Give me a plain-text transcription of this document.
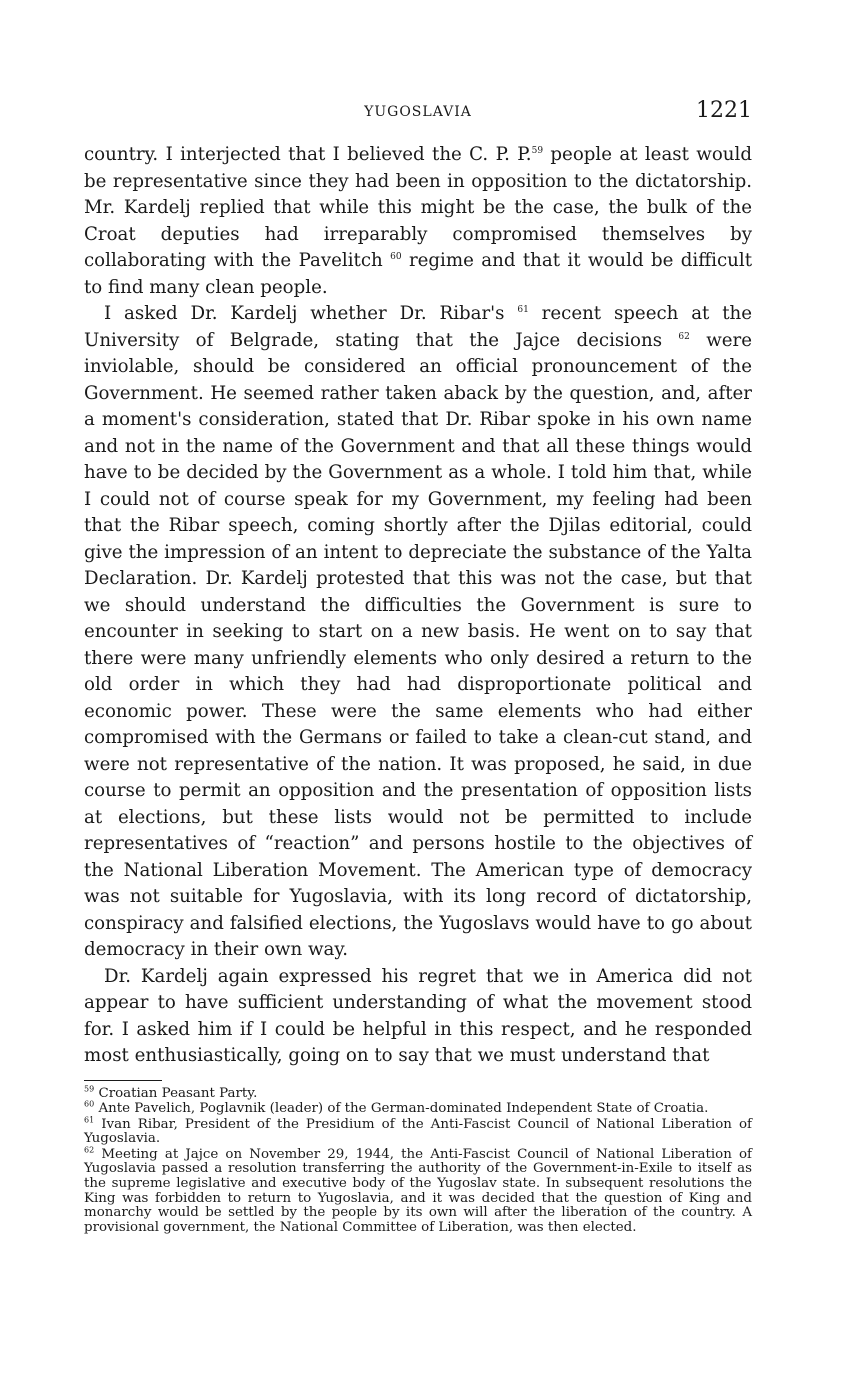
YUGOSLAVIA	1221

country. I interjected that I believed the C. P. P.$^{59}$ people at least would be representative since they had been in opposition to the dictatorship. Mr. Kardelj replied that while this might be the case, the bulk of the Croat deputies had irreparably compromised themselves by collaborating with the Pavelitch $^{60}$ regime and that it would be difficult to find many clean people.

I asked Dr. Kardelj whether Dr. Ribar's $^{61}$ recent speech at the University of Belgrade, stating that the Jajce decisions $^{62}$ were inviolable, should be considered an official pronouncement of the Government. He seemed rather taken aback by the question, and, after a moment's consideration, stated that Dr. Ribar spoke in his own name and not in the name of the Government and that all these things would have to be decided by the Government as a whole. I told him that, while I could not of course speak for my Government, my feeling had been that the Ribar speech, coming shortly after the Djilas editorial, could give the impression of an intent to depreciate the substance of the Yalta Declaration. Dr. Kardelj protested that this was not the case, but that we should understand the difficulties the Government is sure to encounter in seeking to start on a new basis. He went on to say that there were many unfriendly elements who only desired a return to the old order in which they had had disproportionate political and economic power. These were the same elements who had either compromised with the Germans or failed to take a clean-cut stand, and were not representative of the nation. It was proposed, he said, in due course to permit an opposition and the presentation of opposition lists at elections, but these lists would not be permitted to include representatives of “reaction” and persons hostile to the objectives of the National Liberation Movement. The American type of democracy was not suitable for Yugoslavia, with its long record of dictatorship, conspiracy and falsified elections, the Yugoslavs would have to go about democracy in their own way.

Dr. Kardelj again expressed his regret that we in America did not appear to have sufficient understanding of what the movement stood for. I asked him if I could be helpful in this respect, and he responded most enthusiastically, going on to say that we must understand that

$^{59}$ Croatian Peasant Party.

$^{60}$ Ante Pavelich, Poglavnik (leader) of the German-dominated Independent State of Croatia.

$^{61}$ Ivan Ribar, President of the Presidium of the Anti-Fascist Council of National Liberation of Yugoslavia.

$^{62}$ Meeting at Jajce on November 29, 1944, the Anti-Fascist Council of National Liberation of Yugoslavia passed a resolution transferring the authority of the Government-in-Exile to itself as the supreme legislative and executive body of the Yugoslav state. In subsequent resolutions the King was forbidden to return to Yugoslavia, and it was decided that the question of King and monarchy would be settled by the people by its own will after the liberation of the country. A provisional government, the National Committee of Liberation, was then elected.
